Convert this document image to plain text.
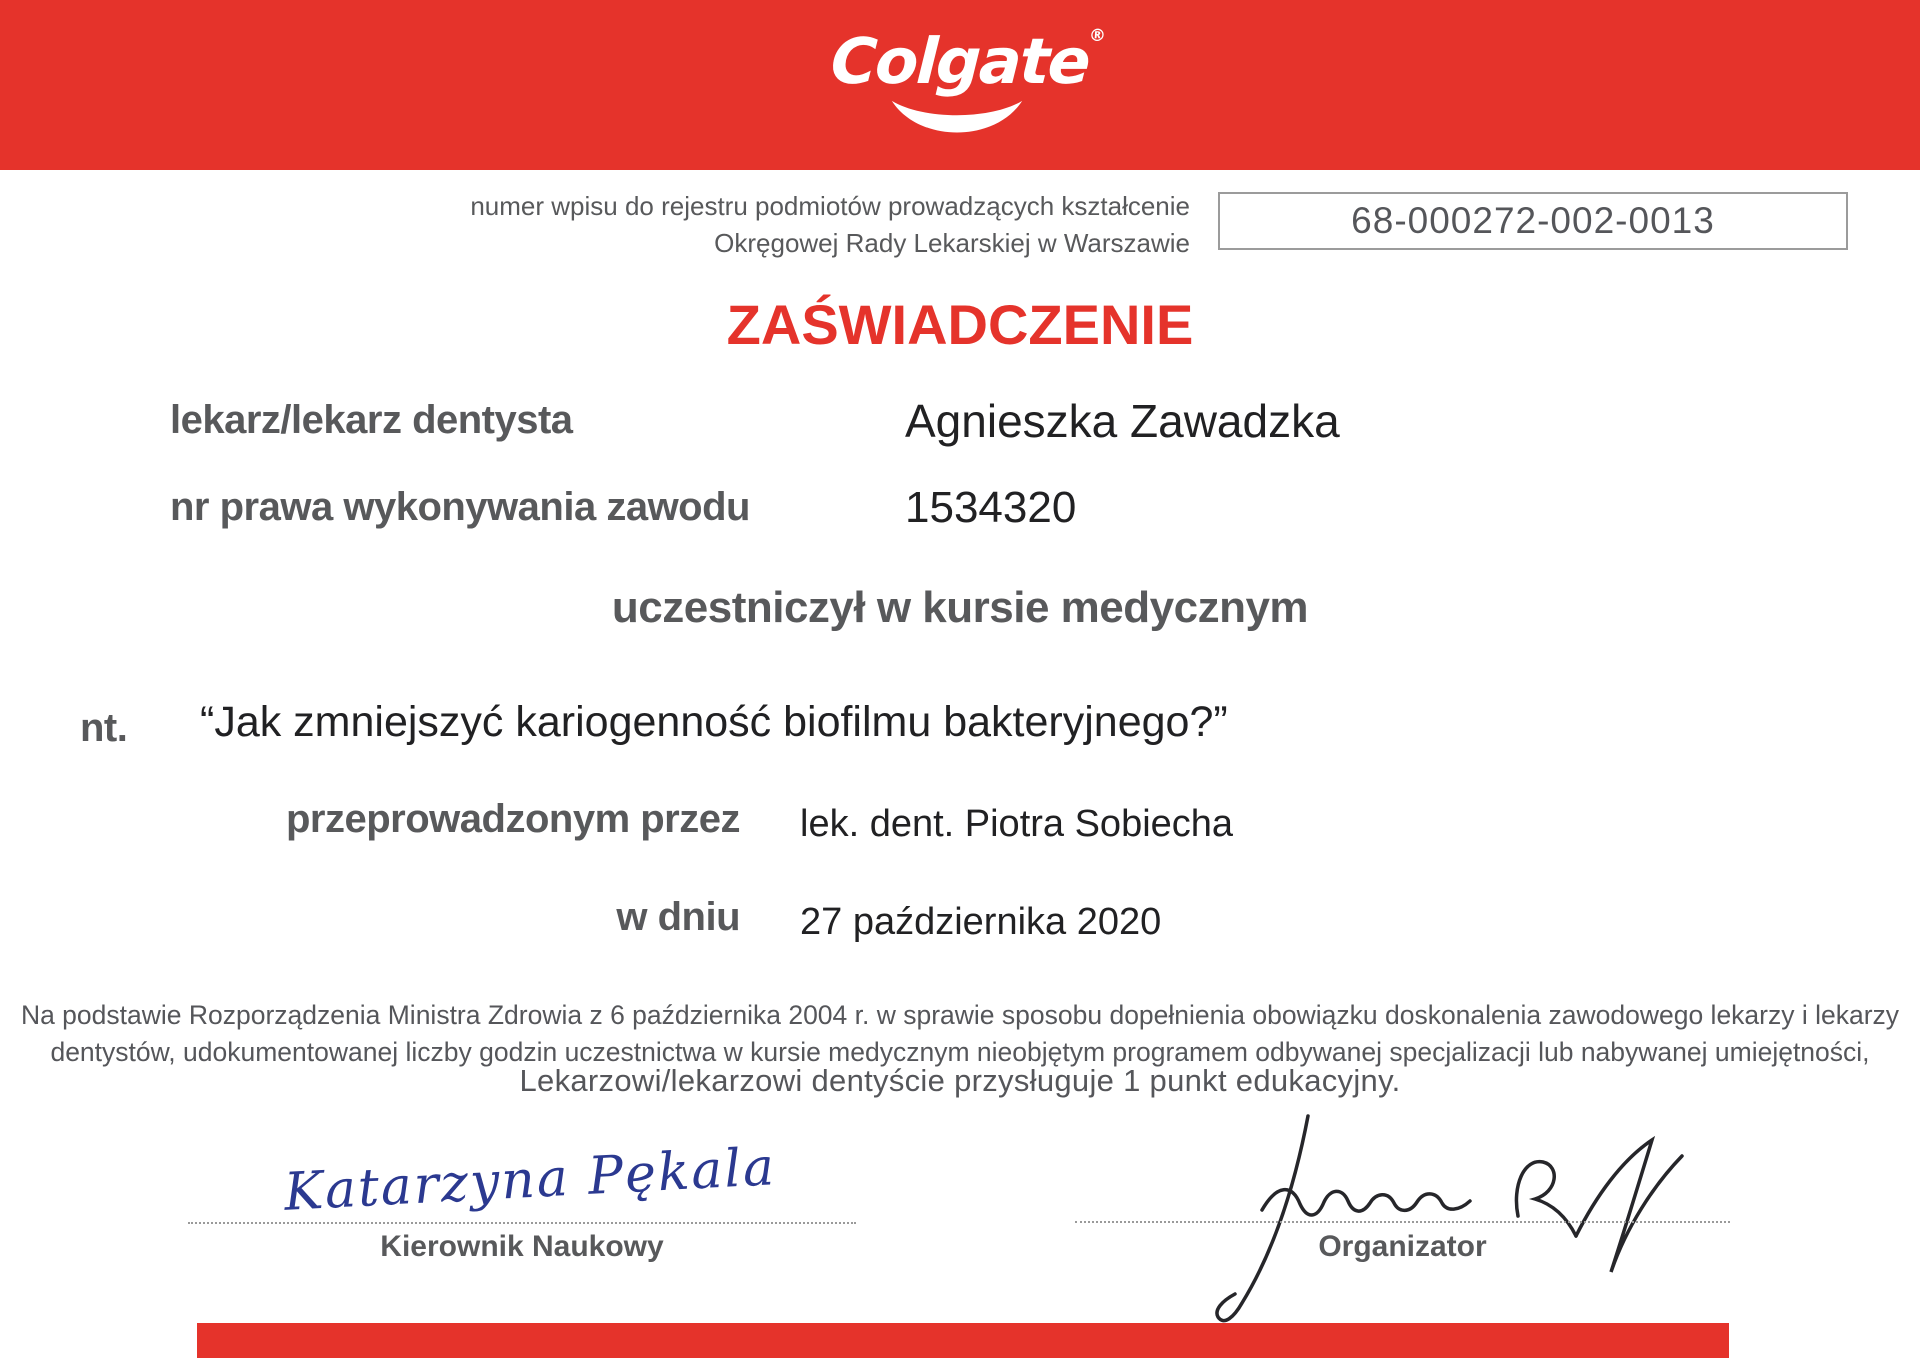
Colgate
®
numer wpisu do rejestru podmiotów prowadzących kształcenie
Okręgowej Rady Lekarskiej w Warszawie
68-000272-002-0013
ZAŚWIADCZENIE
lekarz/lekarz dentysta	Agnieszka Zawadzka
nr prawa wykonywania zawodu	1534320
uczestniczył w kursie medycznym
nt. “Jak zmniejszyć kariogenność biofilmu bakteryjnego?”
przeprowadzonym przez lek. dent. Piotra Sobiecha
w dniu 27 października 2020
Na podstawie Rozporządzenia Ministra Zdrowia z 6 października 2004 r. w sprawie sposobu dopełnienia obowiązku doskonalenia zawodowego lekarzy i lekarzy
dentystów, udokumentowanej liczby godzin uczestnictwa w kursie medycznym nieobjętym programem odbywanej specjalizacji lub nabywanej umiejętności,
Lekarzowi/lekarzowi dentyście przysługuje 1 punkt edukacyjny.
Katarzyna Pękala
Kierownik Naukowy	Organizator
